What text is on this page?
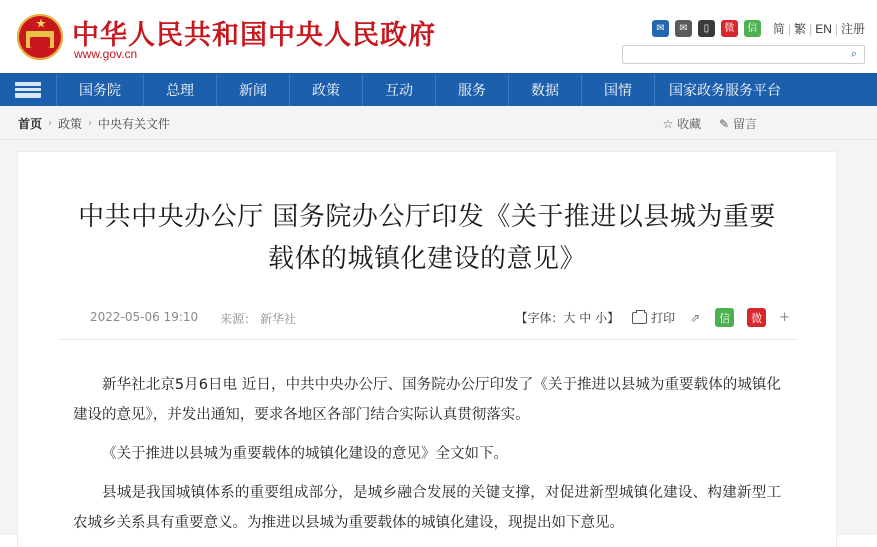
★ 中华人民共和国中央人民政府
www.gov.cn
✉	✉	▯	微	信 简 | 繁 | EN | 注册
⌕
国务院	总理	新闻	政策	互动	服务	数据	国情	国家政务服务平台
首页 › 政策 › 中央有关文件	☆ 收藏 ✎ 留言
中共中央办公厅 国务院办公厅印发《关于推进以县城为重要载体的城镇化建设的意见》
2022-05-06 19:10 来源： 新华社	【字体：大 中 小】	打印 ⇗	信	微	+

新华社北京5月6日电 近日，中共中央办公厅、国务院办公厅印发了《关于推进以县城为重要载体的城镇化建设的意见》，并发出通知，要求各地区各部门结合实际认真贯彻落实。

《关于推进以县城为重要载体的城镇化建设的意见》全文如下。

县城是我国城镇体系的重要组成部分，是城乡融合发展的关键支撑，对促进新型城镇化建设、构建新型工农城乡关系具有重要意义。为推进以县城为重要载体的城镇化建设，现提出如下意见。
